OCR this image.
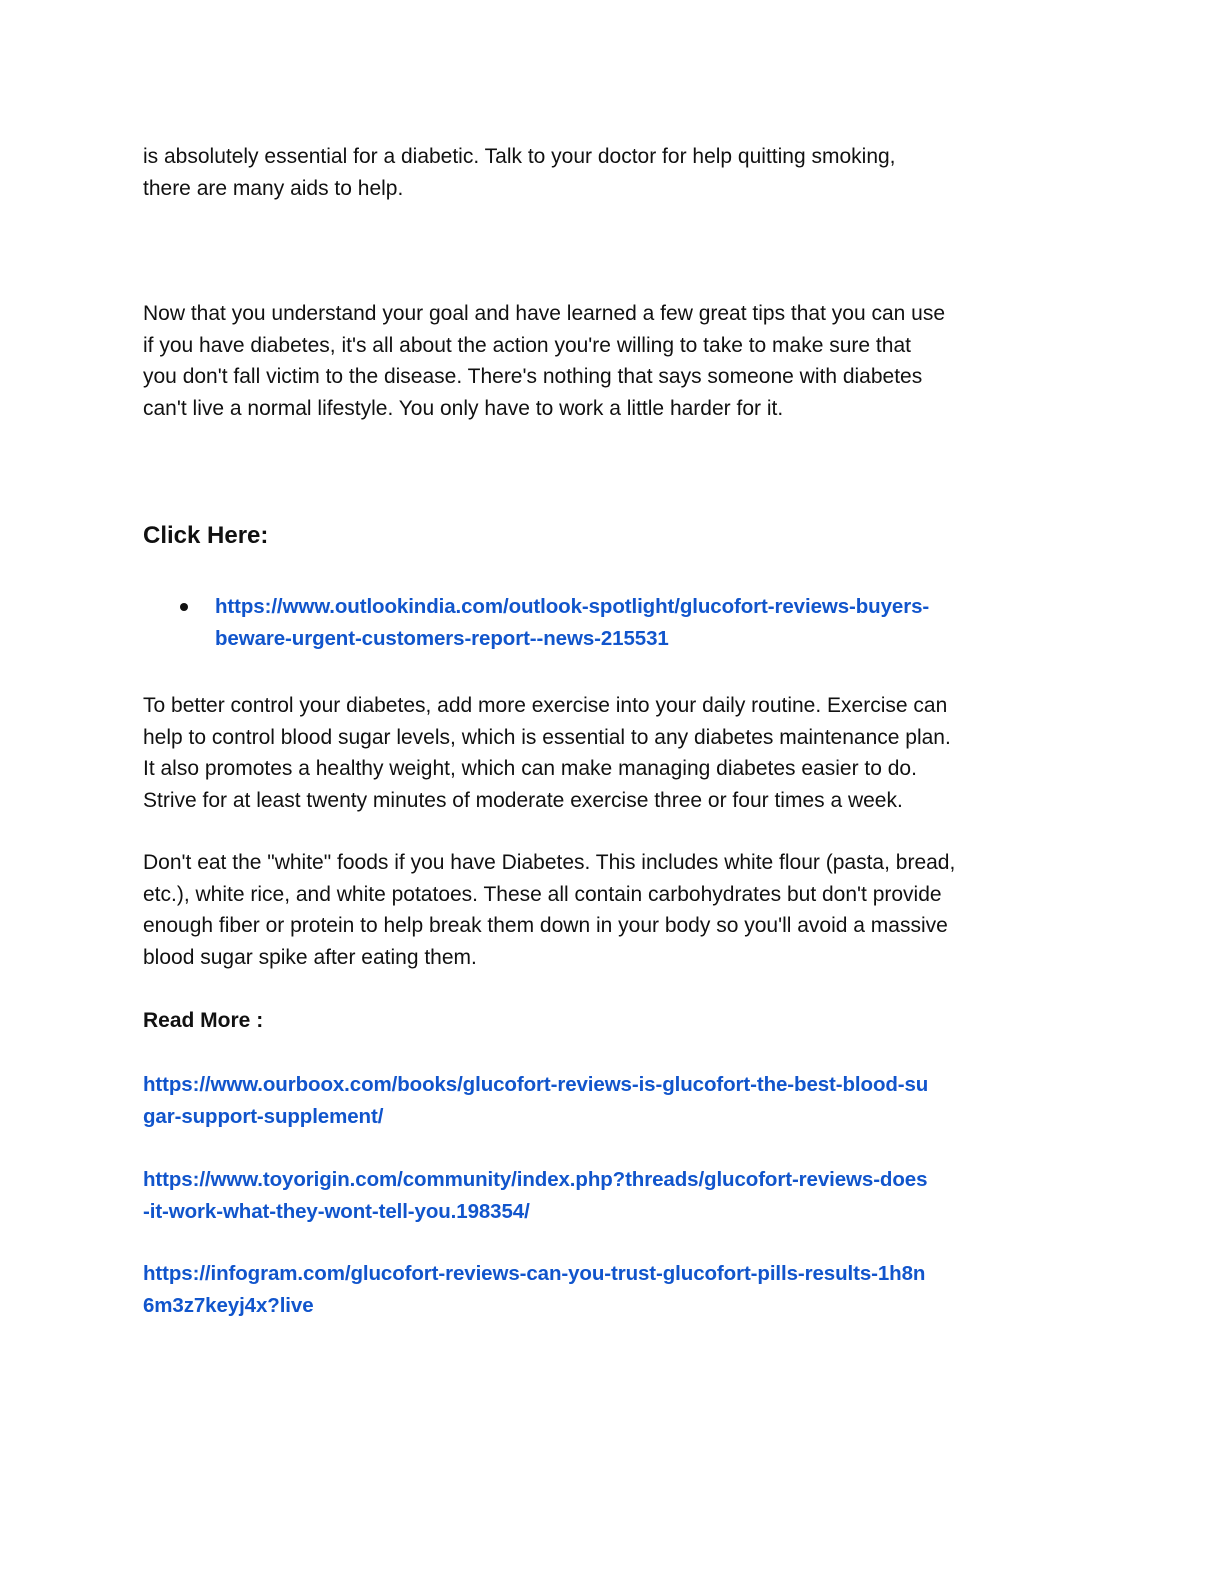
is absolutely essential for a diabetic. Talk to your doctor for help quitting smoking,
there are many aids to help.
Now that you understand your goal and have learned a few great tips that you can use
if you have diabetes, it's all about the action you're willing to take to make sure that
you don't fall victim to the disease. There's nothing that says someone with diabetes
can't live a normal lifestyle. You only have to work a little harder for it.
Click Here:
https://www.outlookindia.com/outlook-spotlight/glucofort-reviews-buyers-
beware-urgent-customers-report--news-215531
To better control your diabetes, add more exercise into your daily routine. Exercise can
help to control blood sugar levels, which is essential to any diabetes maintenance plan.
It also promotes a healthy weight, which can make managing diabetes easier to do.
Strive for at least twenty minutes of moderate exercise three or four times a week.
Don't eat the "white" foods if you have Diabetes. This includes white flour (pasta, bread,
etc.), white rice, and white potatoes. These all contain carbohydrates but don't provide
enough fiber or protein to help break them down in your body so you'll avoid a massive
blood sugar spike after eating them.
Read More :
https://www.ourboox.com/books/glucofort-reviews-is-glucofort-the-best-blood-su
gar-support-supplement/
https://www.toyorigin.com/community/index.php?threads/glucofort-reviews-does
-it-work-what-they-wont-tell-you.198354/
https://infogram.com/glucofort-reviews-can-you-trust-glucofort-pills-results-1h8n
6m3z7keyj4x?live
